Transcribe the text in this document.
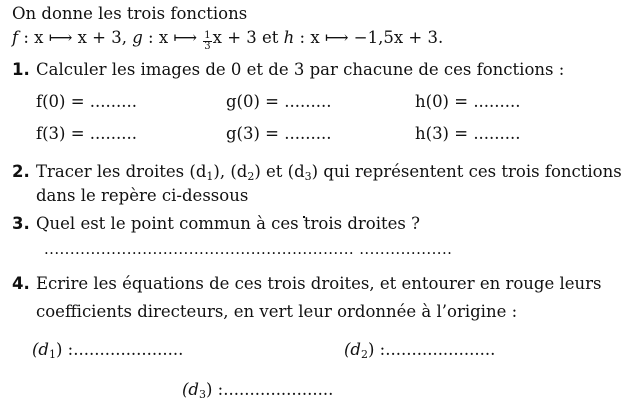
On donne les trois fonctions
f : x ⟼ x + 3, g : x ⟼ $\frac{1}{3}$ x + 3 et h : x ⟼ −1,5x + 3.
1. Calculer les images de 0 et de 3 par chacune de ces fonctions :
f(0) = .........	g(0) = .........	h(0) = .........
f(3) = .........	g(3) = .........	h(3) = .........
2. Tracer les droites $(d_1)$, $(d_2)$ et $(d_3)$ qui représentent ces trois fonctions
dans le repère ci-dessous
3. Quel est le point commun à ces trois droites ?
............................................................ ..................
4. Ecrire les équations de ces trois droites, et entourer en rouge leurs
coefficients directeurs, en vert leur ordonnée à l’origine :
$(d_1)$ :.....................	$(d_2)$ :.....................
$(d_3)$ :.....................
